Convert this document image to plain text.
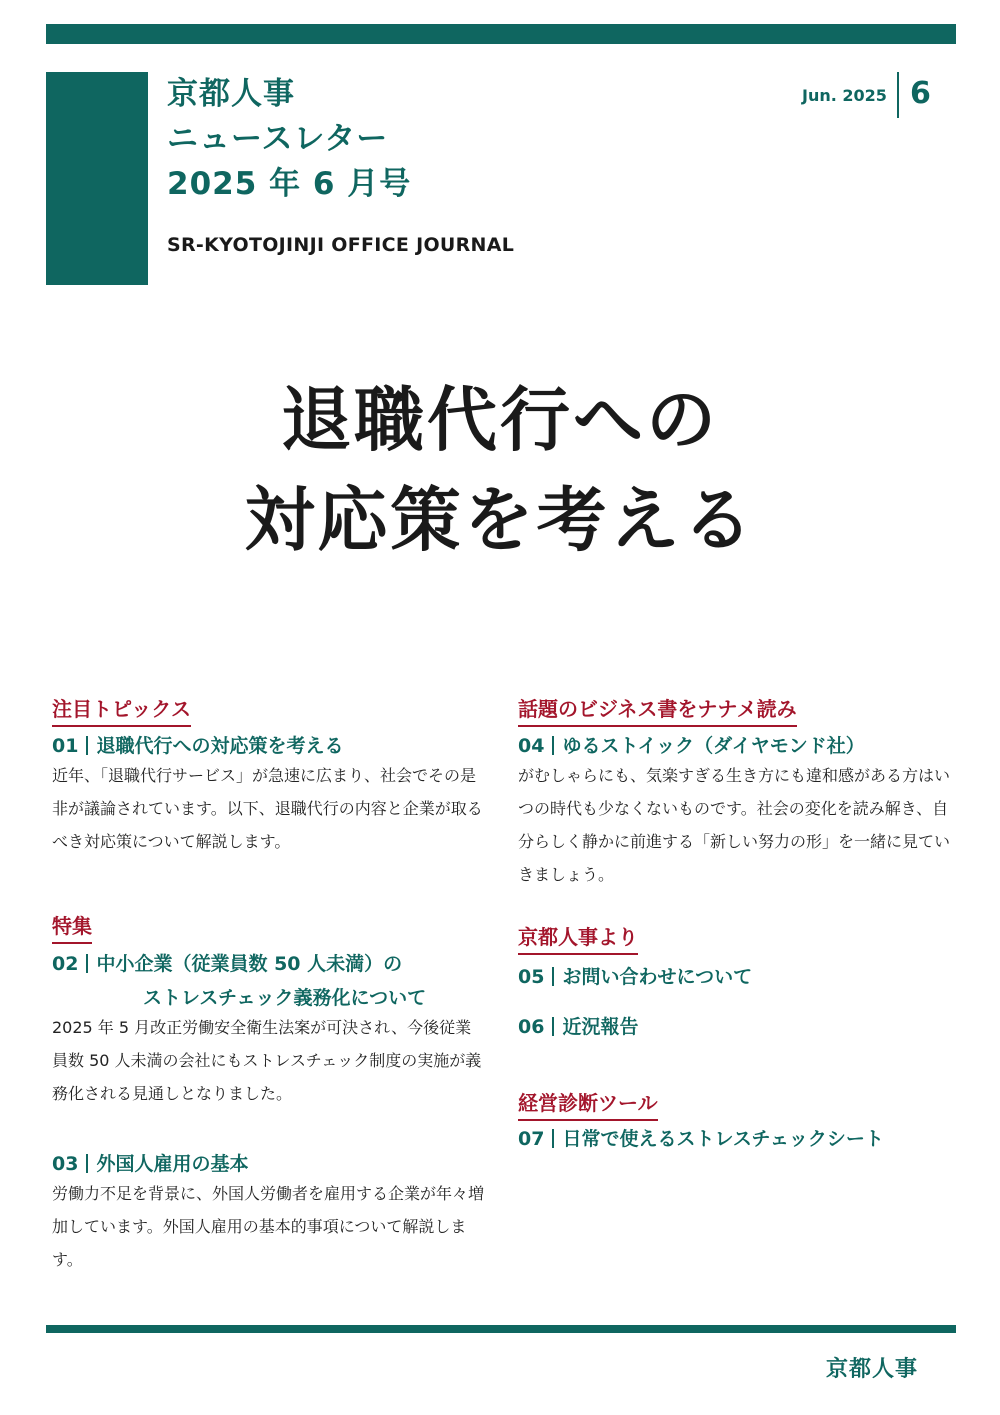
京都人事
ニュースレター
2025 年 6 月号
SR-KYOTOJINJI OFFICE JOURNAL
Jun. 2025 6
退職代行への
対応策を考える
注目トピックス
01 退職代行への対応策を考える
近年、「退職代行サービス」が急速に広まり、社会でその是非が議論されています。以下、退職代行の内容と企業が取るべき対応策について解説します。
特集
02 中小企業（従業員数 50 人未満）の
ストレスチェック義務化について
2025 年 5 月改正労働安全衛生法案が可決され、今後従業員数 50 人未満の会社にもストレスチェック制度の実施が義務化される見通しとなりました。
03 外国人雇用の基本
労働力不足を背景に、外国人労働者を雇用する企業が年々増加しています。外国人雇用の基本的事項について解説します。
話題のビジネス書をナナメ読み
04 ゆるストイック（ダイヤモンド社）
がむしゃらにも、気楽すぎる生き方にも違和感がある方はいつの時代も少なくないものです。社会の変化を読み解き、自分らしく静かに前進する「新しい努力の形」を一緒に見ていきましょう。
京都人事より
05 お問い合わせについて
06 近況報告
経営診断ツール
07 日常で使えるストレスチェックシート
京都人事
